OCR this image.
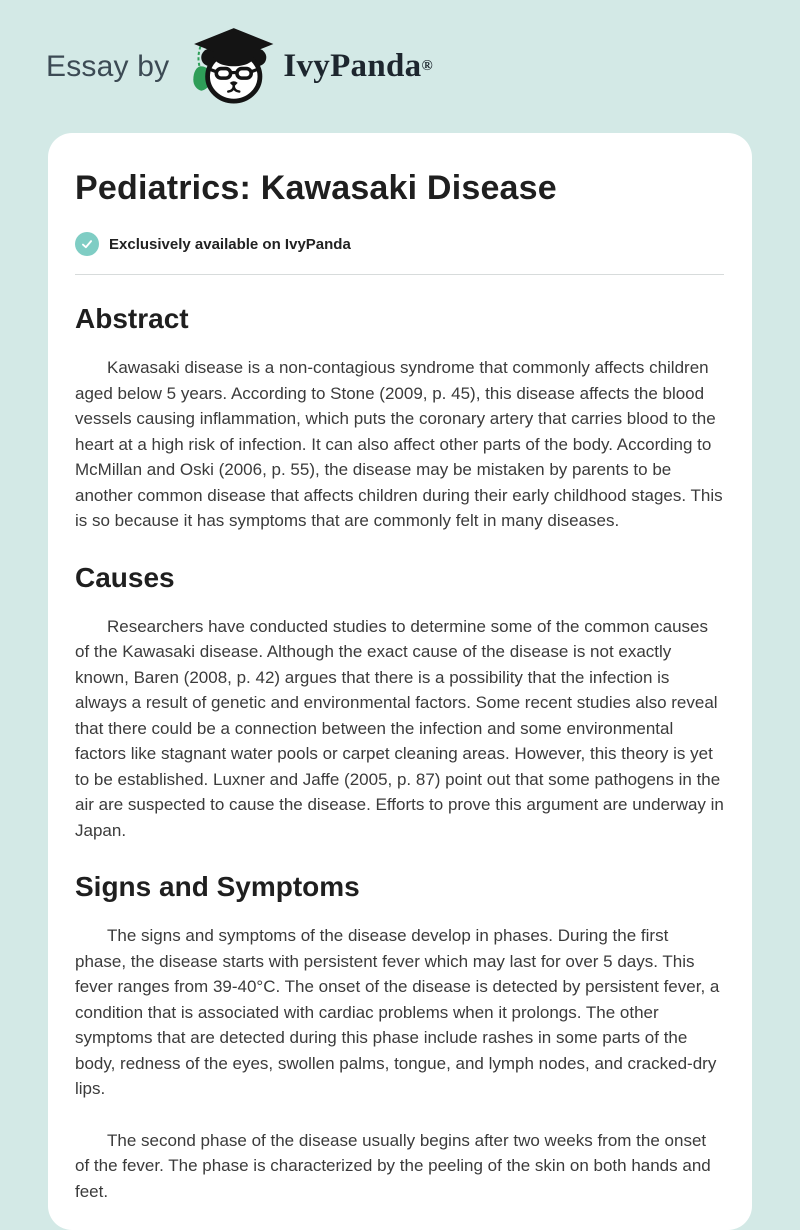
Essay by	IvyPanda ®
Pediatrics: Kawasaki Disease
Exclusively available on IvyPanda
Abstract

Kawasaki disease is a non-contagious syndrome that commonly affects children aged below 5 years. According to Stone (2009, p. 45), this disease affects the blood vessels causing inflammation, which puts the coronary artery that carries blood to the heart at a high risk of infection. It can also affect other parts of the body. According to McMillan and Oski (2006, p. 55), the disease may be mistaken by parents to be another common disease that affects children during their early childhood stages. This is so because it has symptoms that are commonly felt in many diseases.

Causes

Researchers have conducted studies to determine some of the common causes of the Kawasaki disease. Although the exact cause of the disease is not exactly known, Baren (2008, p. 42) argues that there is a possibility that the infection is always a result of genetic and environmental factors. Some recent studies also reveal that there could be a connection between the infection and some environmental factors like stagnant water pools or carpet cleaning areas. However, this theory is yet to be established. Luxner and Jaffe (2005, p. 87) point out that some pathogens in the air are suspected to cause the disease. Efforts to prove this argument are underway in Japan.

Signs and Symptoms

The signs and symptoms of the disease develop in phases. During the first phase, the disease starts with persistent fever which may last for over 5 days. This fever ranges from 39-40°C. The onset of the disease is detected by persistent fever, a condition that is associated with cardiac problems when it prolongs. The other symptoms that are detected during this phase include rashes in some parts of the body, redness of the eyes, swollen palms, tongue, and lymph nodes, and cracked-dry lips.

The second phase of the disease usually begins after two weeks from the onset of the fever. The phase is characterized by the peeling of the skin on both hands and feet.
